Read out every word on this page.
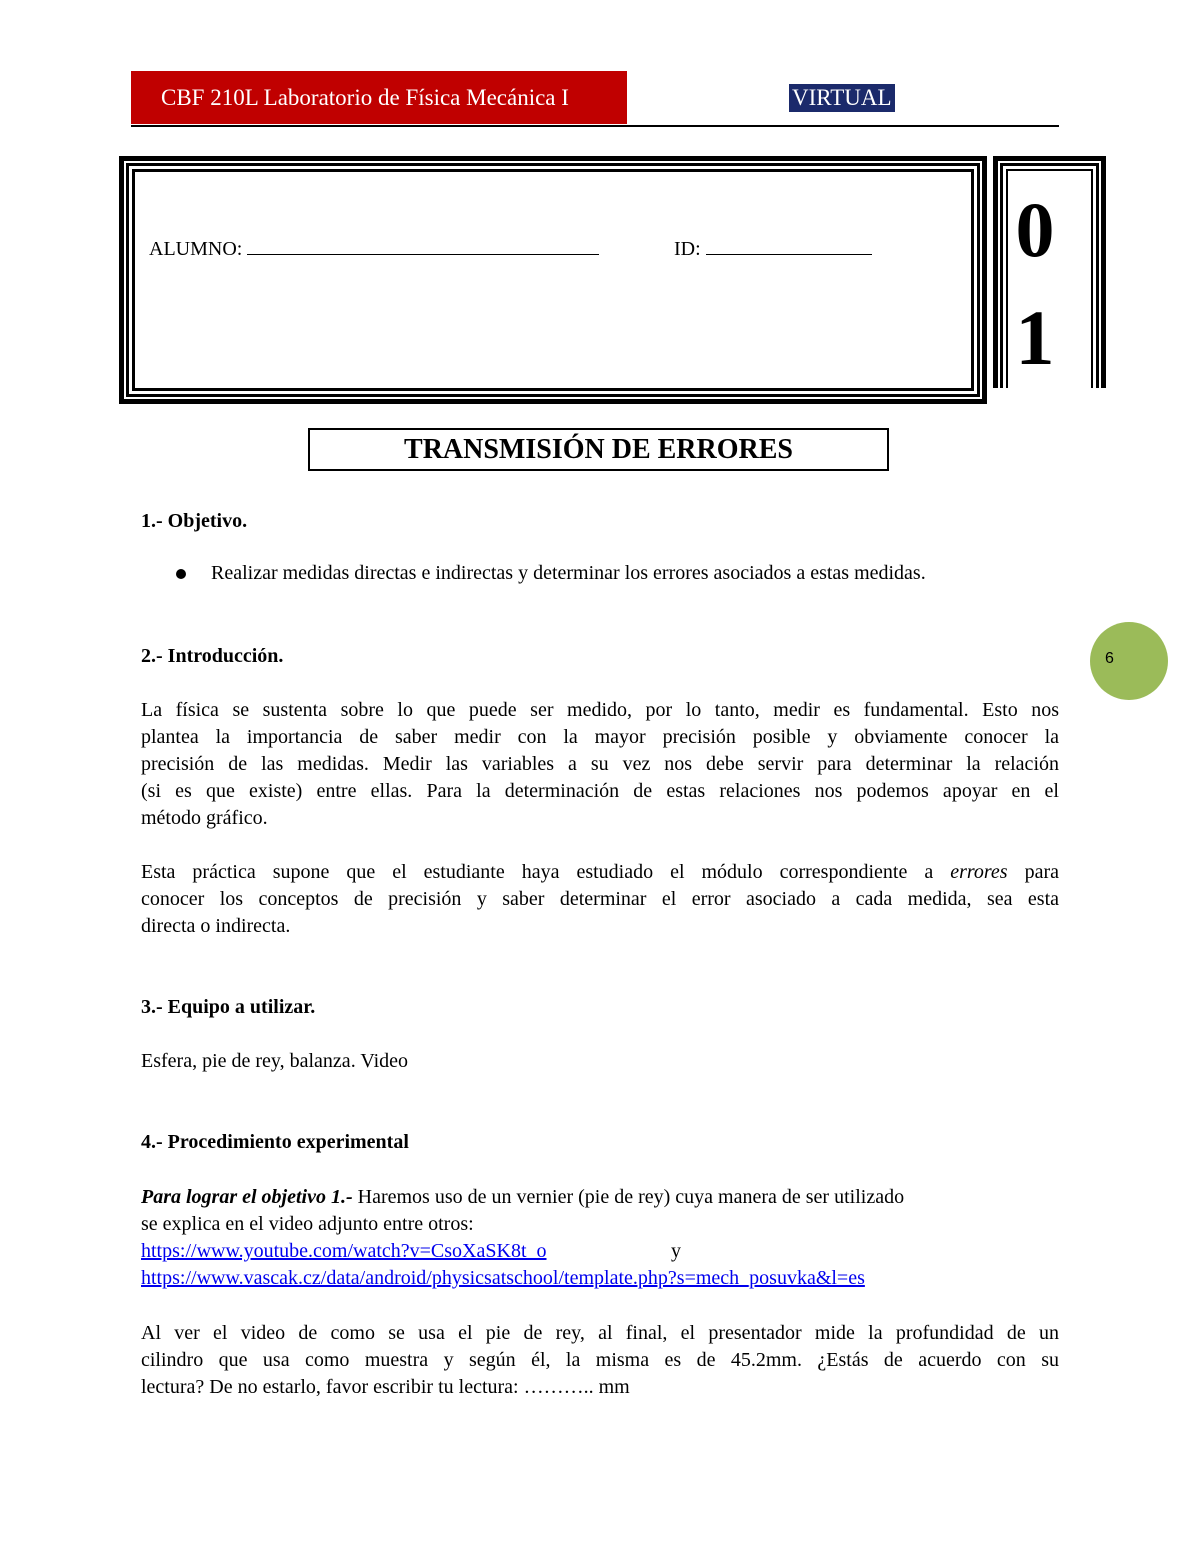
CBF 210L Laboratorio de Física Mecánica I	VIRTUAL
ALUMNO:	ID:	0
1
TRANSMISIÓN DE ERRORES
1.- Objetivo.
Realizar medidas directas e indirectas y determinar los errores asociados a estas medidas.
2.- Introducción.
La física se sustenta sobre lo que puede ser medido, por lo tanto, medir es fundamental. Esto nos
plantea la importancia de saber medir con la mayor precisión posible y obviamente conocer la
precisión de las medidas. Medir las variables a su vez nos debe servir para determinar la relación
(si es que existe) entre ellas. Para la determinación de estas relaciones nos podemos apoyar en el
método gráfico.
Esta práctica supone que el estudiante haya estudiado el módulo correspondiente a errores para
conocer los conceptos de precisión y saber determinar el error asociado a cada medida, sea esta
directa o indirecta.
3.- Equipo a utilizar.
Esfera, pie de rey, balanza. Video
4.- Procedimiento experimental
Para lograr el objetivo 1.- Haremos uso de un vernier (pie de rey) cuya manera de ser utilizado
se explica en el video adjunto entre otros:
https://www.youtube.com/watch?v=CsoXaSK8t_o	y
https://www.vascak.cz/data/android/physicsatschool/template.php?s=mech_posuvka&l=es
Al ver el video de como se usa el pie de rey, al final, el presentador mide la profundidad de un
cilindro que usa como muestra y según él, la misma es de 45.2mm. ¿Estás de acuerdo con su
lectura? De no estarlo, favor escribir tu lectura: ……….. mm
6
